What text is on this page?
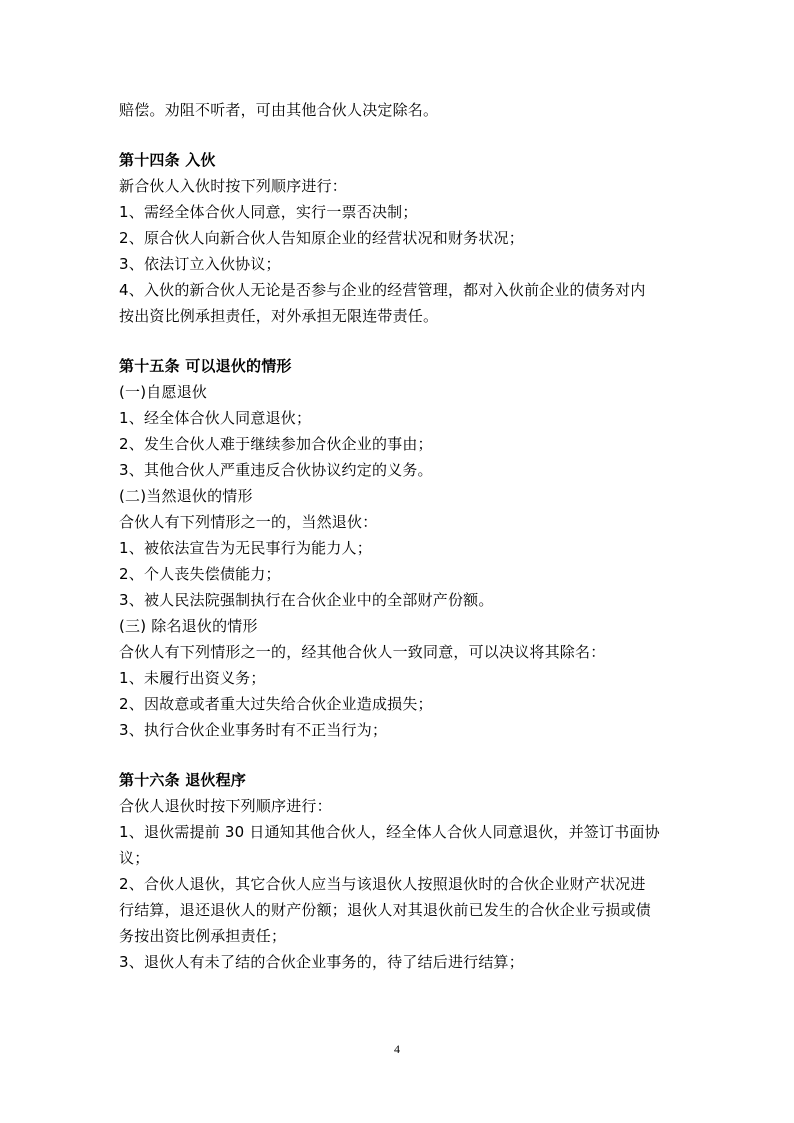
赔偿。劝阻不听者，可由其他合伙人决定除名。
第十四条 入伙
新合伙人入伙时按下列顺序进行：
1、需经全体合伙人同意，实行一票否决制；
2、原合伙人向新合伙人告知原企业的经营状况和财务状况；
3、依法订立入伙协议；
4、入伙的新合伙人无论是否参与企业的经营管理，都对入伙前企业的债务对内
按出资比例承担责任，对外承担无限连带责任。
第十五条 可以退伙的情形
(一)自愿退伙
1、经全体合伙人同意退伙；
2、发生合伙人难于继续参加合伙企业的事由；
3、其他合伙人严重违反合伙协议约定的义务。
(二)当然退伙的情形
合伙人有下列情形之一的，当然退伙：
1、被依法宣告为无民事行为能力人；
2、个人丧失偿债能力；
3、被人民法院强制执行在合伙企业中的全部财产份额。
(三) 除名退伙的情形
合伙人有下列情形之一的，经其他合伙人一致同意，可以决议将其除名：
1、未履行出资义务；
2、因故意或者重大过失给合伙企业造成损失；
3、执行合伙企业事务时有不正当行为；
第十六条 退伙程序
合伙人退伙时按下列顺序进行：
1、退伙需提前 30 日通知其他合伙人，经全体人合伙人同意退伙，并签订书面协
议；
2、合伙人退伙，其它合伙人应当与该退伙人按照退伙时的合伙企业财产状况进
行结算，退还退伙人的财产份额；退伙人对其退伙前已发生的合伙企业亏损或债
务按出资比例承担责任；
3、退伙人有未了结的合伙企业事务的，待了结后进行结算；
4
